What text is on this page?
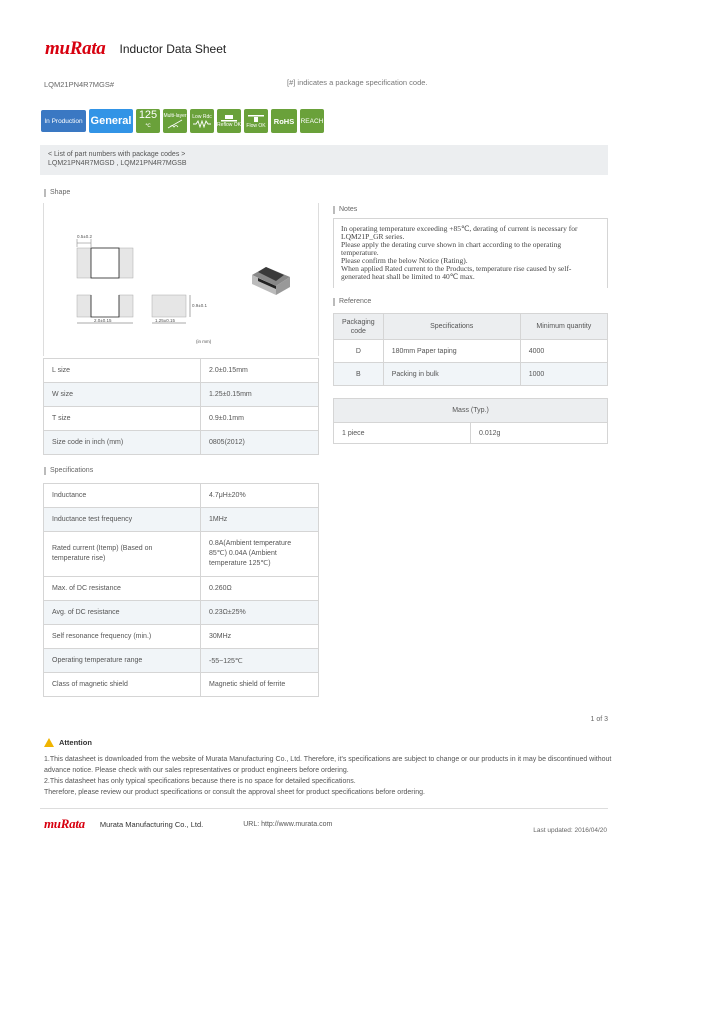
muRata Inductor Data Sheet
LQM21PN4R7MGS#	[#] indicates a package specification code.
In Production General 125
℃
Multi-layer Low Rdc
Reflow OK Flow OK	RoHS REACH
< List of part numbers with package codes >
LQM21PN4R7MGSD , LQM21PN4R7MGSB
Shape
0.5±0.2
2.0±0.15	1.25±0.15
0.9±0.1
(in mm)
L size	2.0±0.15mm
W size	1.25±0.15mm
T size	0.9±0.1mm
Size code in inch (mm)	0805(2012)
Specifications
Inductance	4.7μH±20%
Inductance test frequency	1MHz
Rated current (Itemp) (Based on temperature rise)	0.8A(Ambient temperature 85℃) 0.04A (Ambient temperature 125℃)
Max. of DC resistance	0.260Ω
Avg. of DC resistance	0.23Ω±25%
Self resonance frequency (min.)	30MHz
Operating temperature range	-55~125℃
Class of magnetic shield	Magnetic shield of ferrite
Notes
In operating temperature exceeding +85℃, derating of current is necessary for LQM21P_GR series.
Please apply the derating curve shown in chart according to the operating temperature.
Please confirm the below Notice (Rating).
When applied Rated current to the Products, temperature rise caused by self-generated heat shall be limited to 40℃ max.
Reference
Packaging code	Specifications	Minimum quantity
D	180mm Paper taping	4000
B	Packing in bulk	1000
Mass (Typ.)
1 piece	0.012g
1 of 3
Attention
1.This datasheet is downloaded from the website of Murata Manufacturing Co., Ltd. Therefore, it's specifications are subject to change or our products in it may be discontinued without advance notice. Please check with our sales representatives or product engineers before ordering.
2.This datasheet has only typical specifications because there is no space for detailed specifications.
Therefore, please review our product specifications or consult the approval sheet for product specifications before ordering.
muRata Murata Manufacturing Co., Ltd.	URL: http://www.murata.com
Last updated: 2016/04/20
